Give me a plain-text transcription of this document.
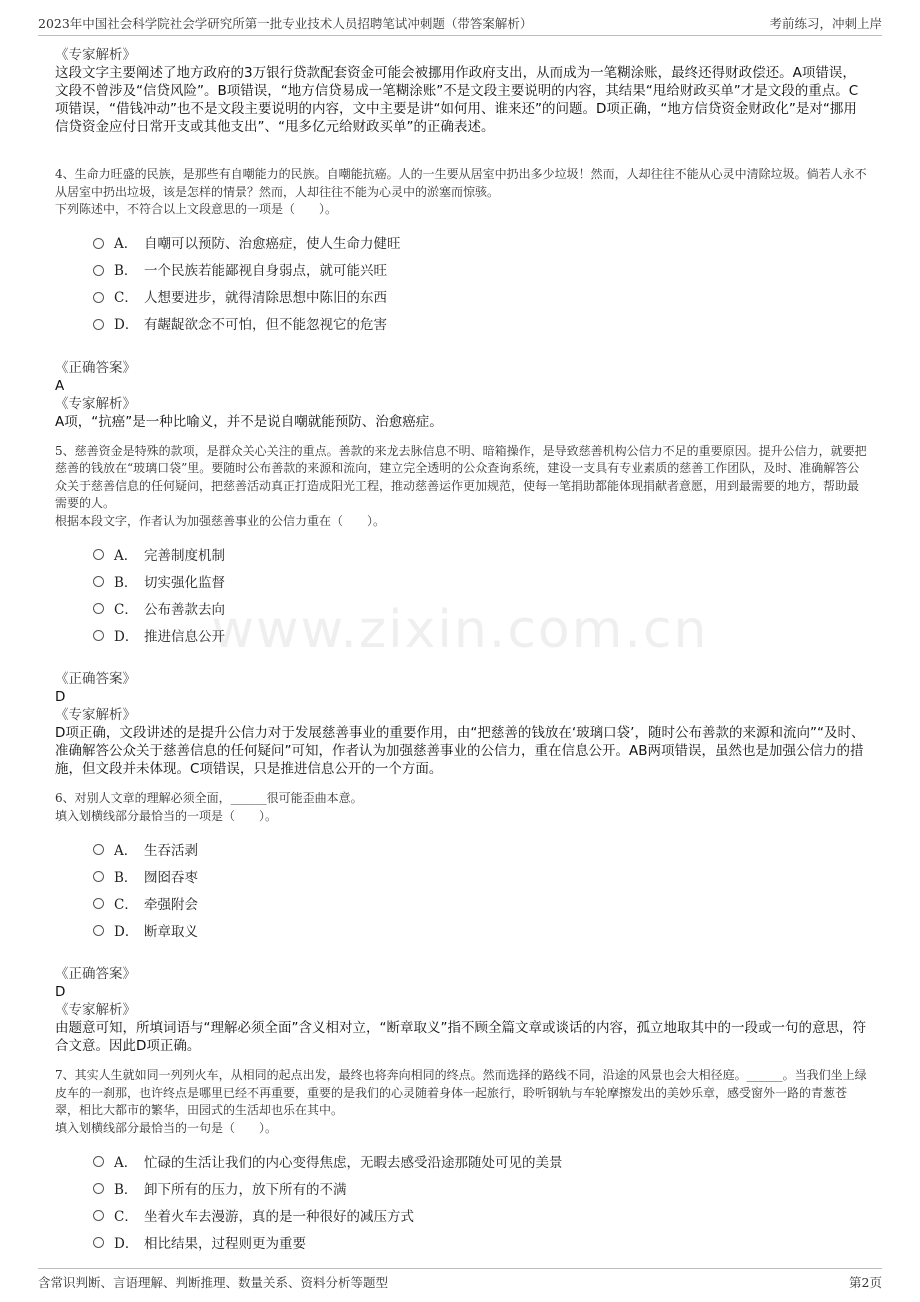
2023年中国社会科学院社会学研究所第一批专业技术人员招聘笔试冲刺题（带答案解析）	考前练习，冲刺上岸
www.zixin.com.cn

《专家解析》

这段文字主要阐述了地方政府的3万银行贷款配套资金可能会被挪用作政府支出，从而成为一笔糊涂账，最终还得财政偿还。A项错误，文段不曾涉及“信贷风险”。B项错误，“地方信贷易成一笔糊涂账”不是文段主要说明的内容，其结果“甩给财政买单”才是文段的重点。C项错误，“借钱冲动”也不是文段主要说明的内容，文中主要是讲“如何用、谁来还”的问题。D项正确，“地方信贷资金财政化”是对“挪用信贷资金应付日常开支或其他支出”、“甩多亿元给财政买单”的正确表述。

4、生命力旺盛的民族，是那些有自嘲能力的民族。自嘲能抗癌。人的一生要从居室中扔出多少垃圾！然而，人却往往不能从心灵中清除垃圾。倘若人永不从居室中扔出垃圾，该是怎样的情景？然而，人却往往不能为心灵中的淤塞而惊骇。

下列陈述中，不符合以上文段意思的一项是（　　）。

A． 自嘲可以预防、治愈癌症，使人生命力健旺
B． 一个民族若能鄙视自身弱点，就可能兴旺
C． 人想要进步，就得清除思想中陈旧的东西
D． 有龌龊欲念不可怕，但不能忽视它的危害

《正确答案》

A

《专家解析》

A项，“抗癌”是一种比喻义，并不是说自嘲就能预防、治愈癌症。

5、慈善资金是特殊的款项，是群众关心关注的重点。善款的来龙去脉信息不明、暗箱操作，是导致慈善机构公信力不足的重要原因。提升公信力，就要把慈善的钱放在“玻璃口袋”里。要随时公布善款的来源和流向，建立完全透明的公众查询系统，建设一支具有专业素质的慈善工作团队，及时、准确解答公众关于慈善信息的任何疑问，把慈善活动真正打造成阳光工程，推动慈善运作更加规范，使每一笔捐助都能体现捐献者意愿，用到最需要的地方，帮助最需要的人。

根据本段文字，作者认为加强慈善事业的公信力重在（　　）。

A． 完善制度机制
B． 切实强化监督
C． 公布善款去向
D． 推进信息公开

《正确答案》

D

《专家解析》

D项正确，文段讲述的是提升公信力对于发展慈善事业的重要作用，由“把慈善的钱放在‘玻璃口袋’，随时公布善款的来源和流向”“及时、准确解答公众关于慈善信息的任何疑问”可知，作者认为加强慈善事业的公信力，重在信息公开。AB两项错误，虽然也是加强公信力的措施，但文段并未体现。C项错误，只是推进信息公开的一个方面。

6、对别人文章的理解必须全面，______很可能歪曲本意。

填入划横线部分最恰当的一项是（　　）。

A． 生吞活剥
B． 囫囵吞枣
C． 牵强附会
D． 断章取义

《正确答案》

D

《专家解析》

由题意可知，所填词语与“理解必须全面”含义相对立，“断章取义”指不顾全篇文章或谈话的内容，孤立地取其中的一段或一句的意思，符合文意。因此D项正确。

7、其实人生就如同一列列火车，从相同的起点出发，最终也将奔向相同的终点。然而选择的路线不同，沿途的风景也会大相径庭。______。当我们坐上绿皮车的一刹那，也许终点是哪里已经不再重要，重要的是我们的心灵随着身体一起旅行，聆听钢轨与车轮摩擦发出的美妙乐章，感受窗外一路的青葱苍翠，相比大都市的繁华，田园式的生活却也乐在其中。

填入划横线部分最恰当的一句是（　　）。

A． 忙碌的生活让我们的内心变得焦虑，无暇去感受沿途那随处可见的美景
B． 卸下所有的压力，放下所有的不满
C． 坐着火车去漫游，真的是一种很好的减压方式
D． 相比结果，过程则更为重要
含常识判断、言语理解、判断推理、数量关系、资料分析等题型	第2页
